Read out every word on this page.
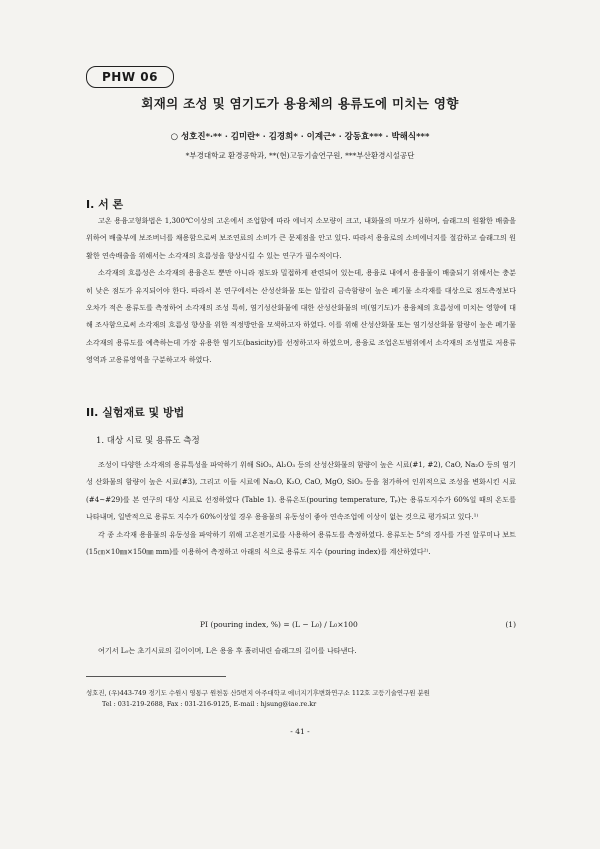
PHW 06
회재의 조성 및 염기도가 용융체의 용류도에 미치는 영향
○ 성호진*·** · 김미란* · 김경희* · 이계근* · 강동효*** · 박해식***
*부경대학교 환경공학과, **(현)고등기술연구원, ***부산환경시설공단
I. 서 론

고온 용융고형화법은 1,300℃이상의 고온에서 조업함에 따라 에너지 소모량이 크고, 내화물의 마모가 심하며, 슬래그의 원활한 배출을 위하여 배출부에 보조버너를 채용함으로써 보조연료의 소비가 큰 문제점을 안고 있다. 따라서 용융로의 소비에너지를 절감하고 슬래그의 원활한 연속배출을 위해서는 소각재의 흐름성을 향상시킬 수 있는 연구가 필수적이다.

소각재의 흐름성은 소각재의 용융온도 뿐만 아니라 점도와 밀접하게 관련되어 있는데, 용융로 내에서 용융물이 배출되기 위해서는 충분히 낮은 점도가 유지되어야 한다. 따라서 본 연구에서는 산성산화물 또는 알칼리 금속함량이 높은 폐기물 소각재를 대상으로 점도측정보다 오차가 적은 용류도를 측정하여 소각재의 조성 특히, 염기성산화물에 대한 산성산화물의 비(염기도)가 용융체의 흐름성에 미치는 영향에 대해 조사함으로써 소각재의 흐름성 향상을 위한 적정방안을 모색하고자 하였다. 이를 위해 산성산화물 또는 염기성산화물 함량이 높은 폐기물 소각재의 용류도를 예측하는데 가장 유용한 염기도(basicity)를 선정하고자 하였으며, 용융로 조업온도범위에서 소각재의 조성별로 저용류영역과 고용류영역을 구분하고자 하였다.

II. 실험재료 및 방법
1. 대상 시료 및 용류도 측정

조성이 다양한 소각재의 용류특성을 파악하기 위해 SiO₂, Al₂O₃ 등의 산성산화물의 함량이 높은 시료(#1, #2), CaO, Na₂O 등의 염기성 산화물의 함량이 높은 시료(#3), 그리고 이들 시료에 Na₂O, K₂O, CaO, MgO, SiO₂ 등을 첨가하여 인위적으로 조성을 변화시킨 시료(#4~#29)를 본 연구의 대상 시료로 선정하였다 (Table 1). 용류온도(pouring temperature, Tₚ)는 용류도지수가 60%일 때의 온도를 나타내며, 일반적으로 용류도 지수가 60%이상일 경우 용융물의 유동성이 좋아 연속조업에 이상이 없는 것으로 평가되고 있다.¹⁾

각 종 소각재 용융물의 유동성을 파악하기 위해 고온전기로를 사용하여 용류도를 측정하였다. 용류도는 5°의 경사를 가진 알루미나 보트(15㎝×10㎜×150㎜ mm)를 이용하여 측정하고 아래의 식으로 용류도 지수 (pouring index)를 계산하였다²⁾.

PI (pouring index, %) = (L − L₀) / L₀×100	(1)
여기서 L₀는 초기시료의 길이이며, L은 용융 후 흘러내린 슬래그의 길이를 나타낸다.
성호진, (우)443-749 경기도 수원시 영통구 원천동 산5번지 아주대학교 에너지기후변화연구소 112호 고등기술연구원 분원
Tel : 031-219-2688, Fax : 031-216-9125, E-mail : hjsung@iae.re.kr
- 41 -
